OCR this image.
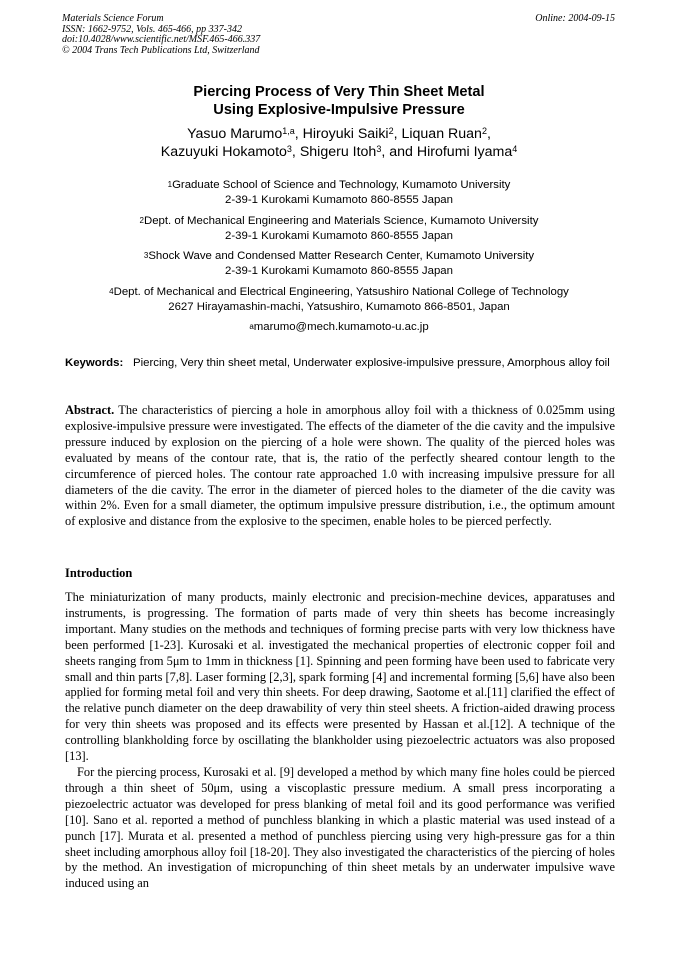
Materials Science Forum
ISSN: 1662-9752, Vols. 465-466, pp 337-342
doi:10.4028/www.scientific.net/MSF.465-466.337
© 2004 Trans Tech Publications Ltd, Switzerland
Online: 2004-09-15
Piercing Process of Very Thin Sheet Metal
Using Explosive-Impulsive Pressure
Yasuo Marumo$^{1,a}$, Hiroyuki Saiki$^2$, Liquan Ruan$^2$,
Kazuyuki Hokamoto$^3$, Shigeru Itoh$^3$, and Hirofumi Iyama$^4$
$^1$Graduate School of Science and Technology, Kumamoto University
2-39-1 Kurokami Kumamoto 860-8555 Japan
$^2$Dept. of Mechanical Engineering and Materials Science, Kumamoto University
2-39-1 Kurokami Kumamoto 860-8555 Japan
$^3$Shock Wave and Condensed Matter Research Center, Kumamoto University
2-39-1 Kurokami Kumamoto 860-8555 Japan
$^4$Dept. of Mechanical and Electrical Engineering, Yatsushiro National College of Technology
2627 Hirayamashin-machi, Yatsushiro, Kumamoto 866-8501, Japan
$^a$marumo@mech.kumamoto-u.ac.jp
Keywords: Piercing, Very thin sheet metal, Underwater explosive-impulsive pressure, Amorphous alloy foil
Abstract. The characteristics of piercing a hole in amorphous alloy foil with a thickness of 0.025mm using explosive-impulsive pressure were investigated. The effects of the diameter of the die cavity and the impulsive pressure induced by explosion on the piercing of a hole were shown. The quality of the pierced holes was evaluated by means of the contour rate, that is, the ratio of the perfectly sheared contour length to the circumference of pierced holes. The contour rate approached 1.0 with increasing impulsive pressure for all diameters of the die cavity. The error in the diameter of pierced holes to the diameter of the die cavity was within 2%. Even for a small diameter, the optimum impulsive pressure distribution, i.e., the optimum amount of explosive and distance from the explosive to the specimen, enable holes to be pierced perfectly.
Introduction

The miniaturization of many products, mainly electronic and precision-mechine devices, apparatuses and instruments, is progressing. The formation of parts made of very thin sheets has become increasingly important. Many studies on the methods and techniques of forming precise parts with very low thickness have been performed [1-23]. Kurosaki et al. investigated the mechanical properties of electronic copper foil and sheets ranging from 5μm to 1mm in thickness [1]. Spinning and peen forming have been used to fabricate very small and thin parts [7,8]. Laser forming [2,3], spark forming [4] and incremental forming [5,6] have also been applied for forming metal foil and very thin sheets. For deep drawing, Saotome et al.[11] clarified the effect of the relative punch diameter on the deep drawability of very thin steel sheets. A friction-aided drawing process for very thin sheets was proposed and its effects were presented by Hassan et al.[12]. A technique of the controlling blankholding force by oscillating the blankholder using piezoelectric actuators was also proposed [13].

For the piercing process, Kurosaki et al. [9] developed a method by which many fine holes could be pierced through a thin sheet of 50μm, using a viscoplastic pressure medium. A small press incorporating a piezoelectric actuator was developed for press blanking of metal foil and its good performance was verified [10]. Sano et al. reported a method of punchless blanking in which a plastic material was used instead of a punch [17]. Murata et al. presented a method of punchless piercing using very high-pressure gas for a thin sheet including amorphous alloy foil [18-20]. They also investigated the characteristics of the piercing of holes by the method. An investigation of micropunching of thin sheet metals by an underwater impulsive wave induced using an
